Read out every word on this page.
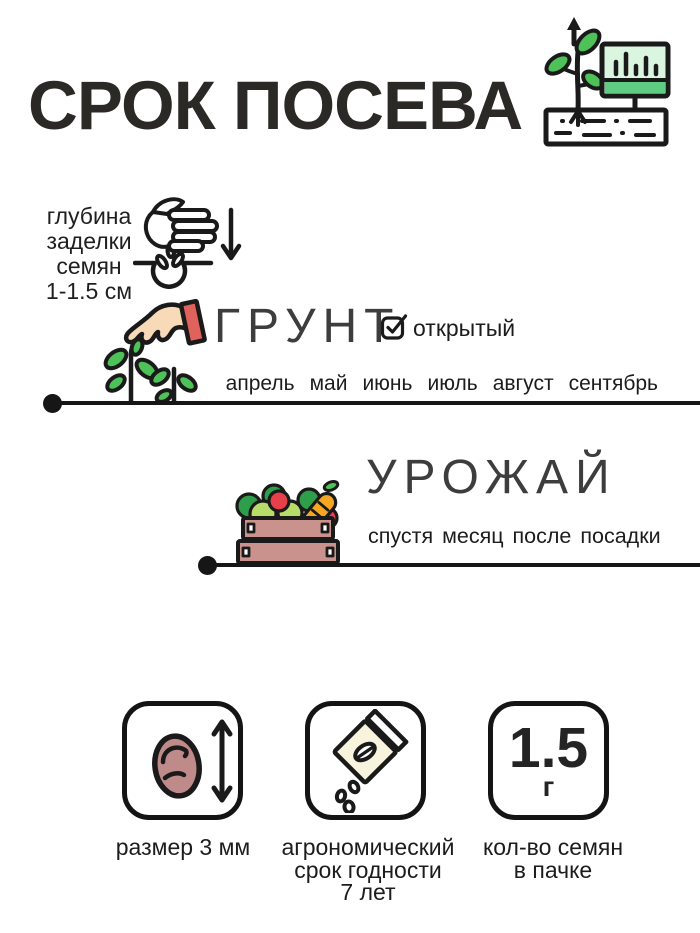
СРОК ПОСЕВА
глубина
заделки
семян
1-1.5 см
ГРУНТ открытый
апрель май июнь июль август сентябрь
УРОЖАЙ
спустя месяц после посадки
1.5
г
размер 3 мм	агрономический
срок годности
7 лет
кол-во семян
в пачке
